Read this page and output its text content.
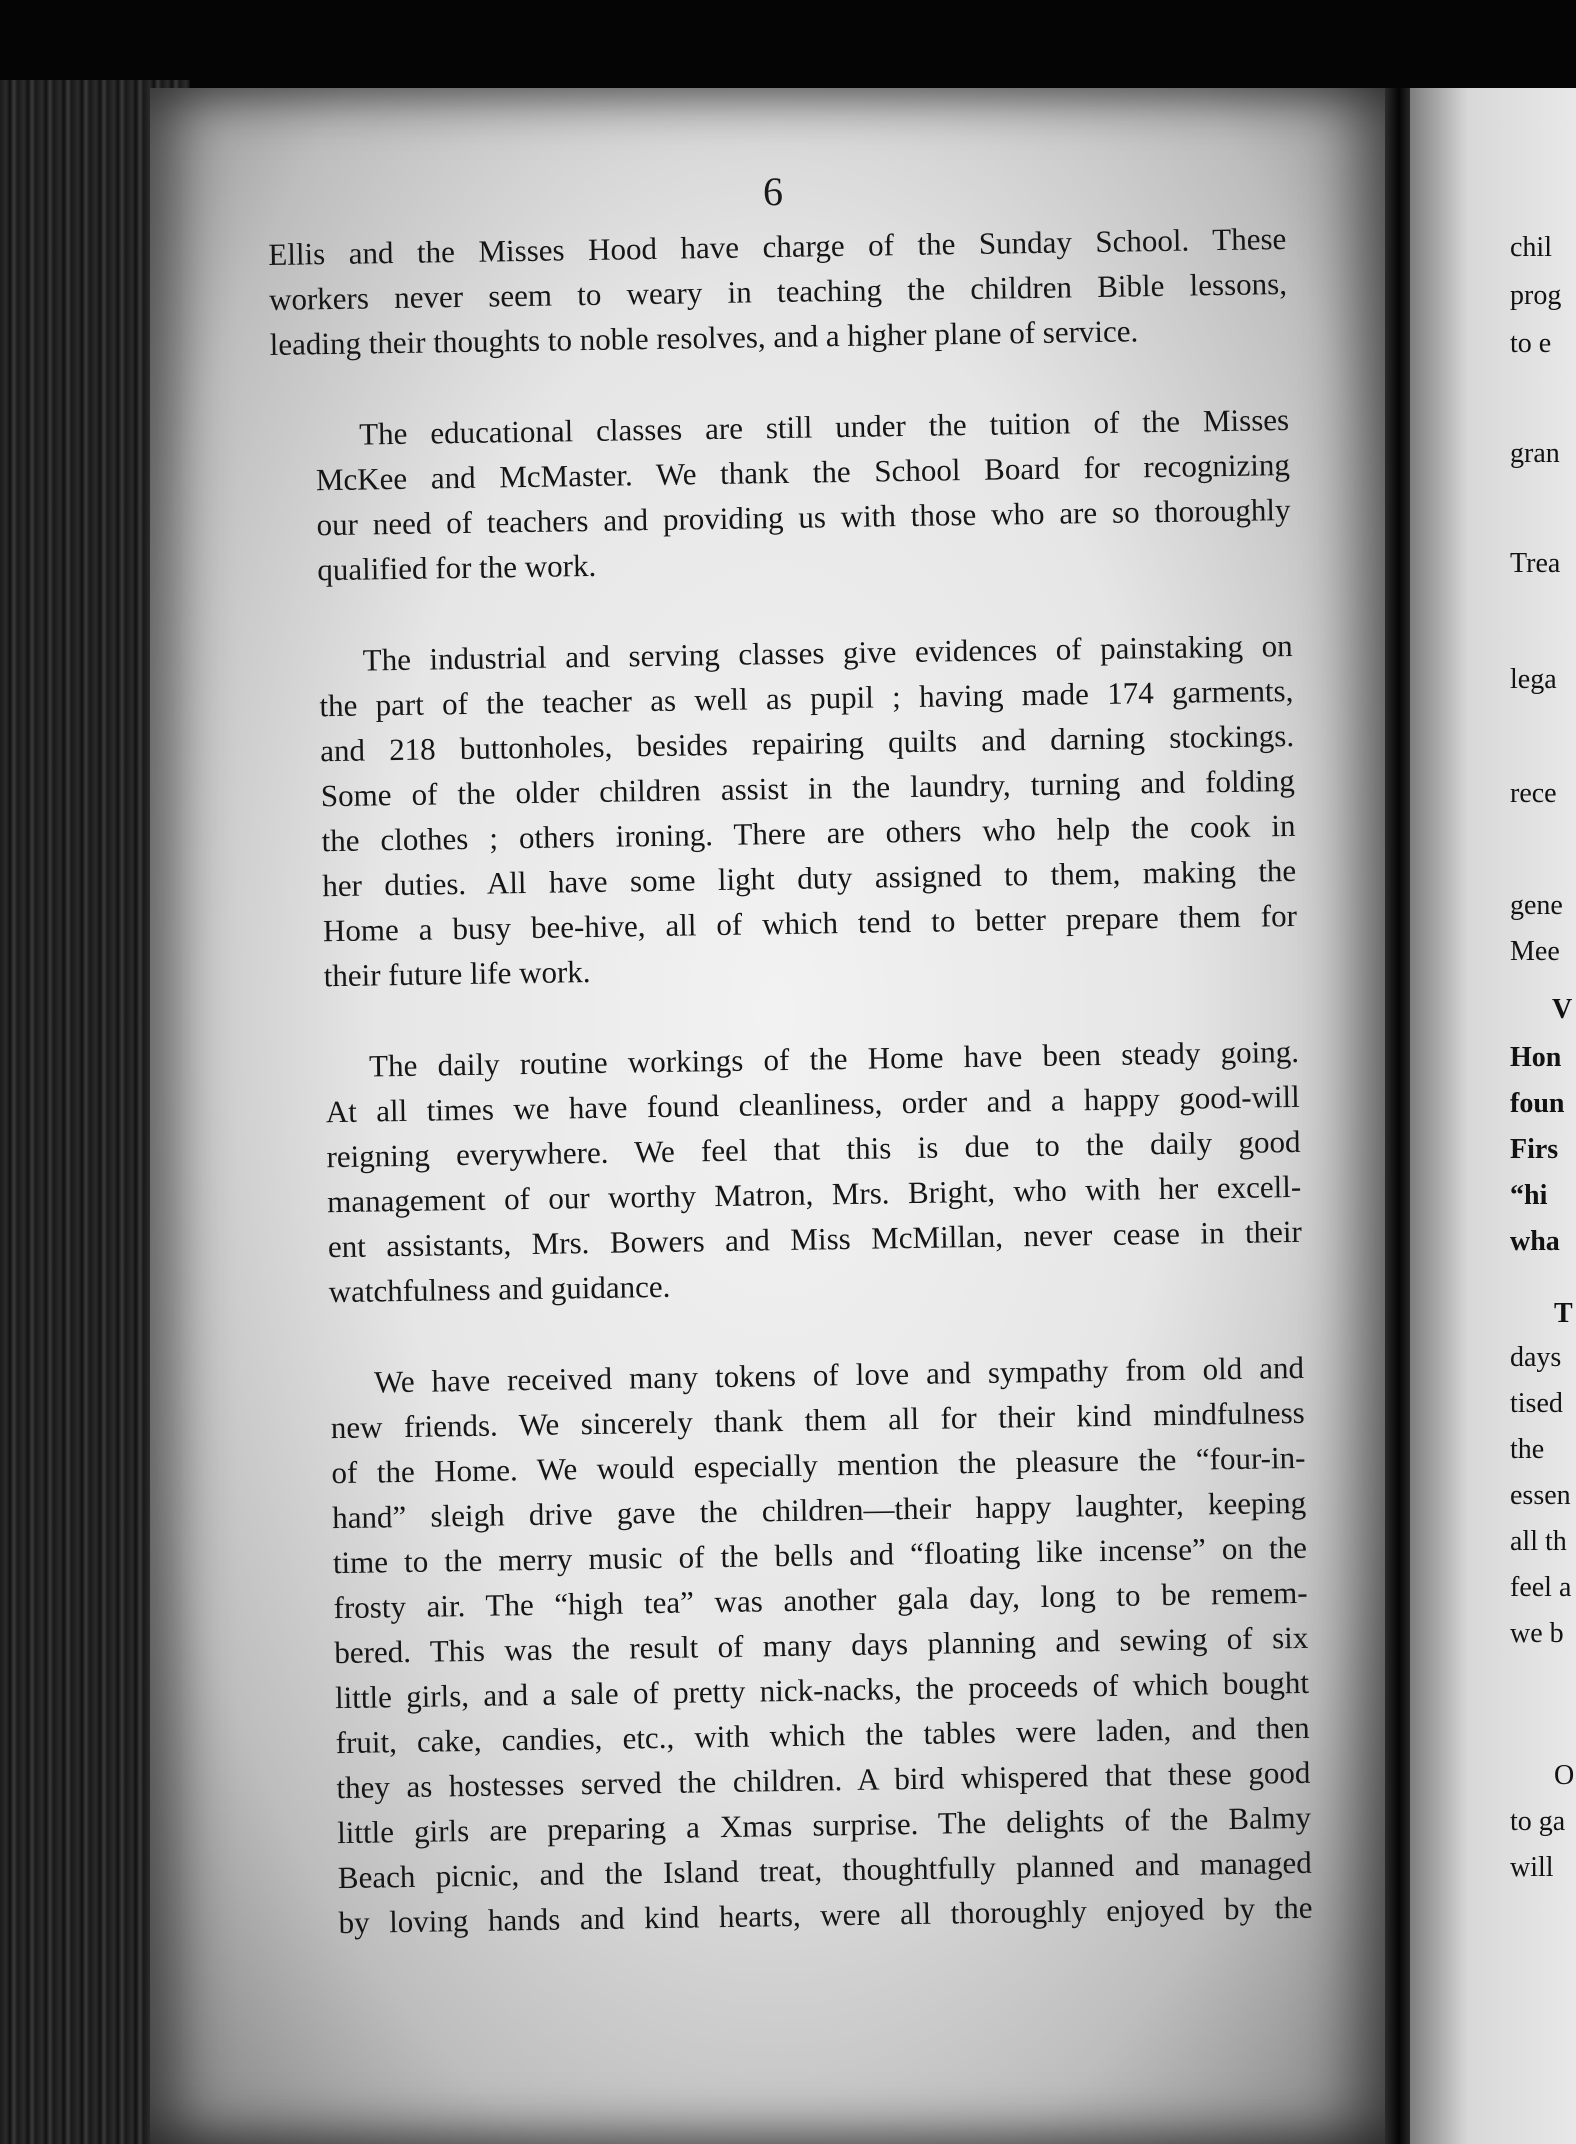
6

Ellis and the Misses Hood have charge of the Sunday School. These
workers never seem to weary in teaching the children Bible lessons,
leading their thoughts to noble resolves, and a higher plane of service.

The educational classes are still under the tuition of the Misses
McKee and McMaster. We thank the School Board for recognizing
our need of teachers and providing us with those who are so thoroughly
qualified for the work.

The industrial and serving classes give evidences of painstaking on
the part of the teacher as well as pupil ; having made 174 garments,
and 218 buttonholes, besides repairing quilts and darning stockings.
Some of the older children assist in the laundry, turning and folding
the clothes ; others ironing. There are others who help the cook in
her duties. All have some light duty assigned to them, making the
Home a busy bee-hive, all of which tend to better prepare them for
their future life work.

The daily routine workings of the Home have been steady going.
At all times we have found cleanliness, order and a happy good-will
reigning everywhere. We feel that this is due to the daily good
management of our worthy Matron, Mrs. Bright, who with her excell-
ent assistants, Mrs. Bowers and Miss McMillan, never cease in their
watchfulness and guidance.

We have received many tokens of love and sympathy from old and
new friends. We sincerely thank them all for their kind mindfulness
of the Home. We would especially mention the pleasure the “four-in-
hand” sleigh drive gave the children—their happy laughter, keeping
time to the merry music of the bells and “floating like incense” on the
frosty air. The “high tea” was another gala day, long to be remem-
bered. This was the result of many days planning and sewing of six
little girls, and a sale of pretty nick-nacks, the proceeds of which bought
fruit, cake, candies, etc., with which the tables were laden, and then
they as hostesses served the children. A bird whispered that these good
little girls are preparing a Xmas surprise. The delights of the Balmy
Beach picnic, and the Island treat, thoughtfully planned and managed
by loving hands and kind hearts, were all thoroughly enjoyed by the

chil
prog
to e
gran
Trea
lega
rece
gene
Mee
V
Hon
foun
Firs
“hi
wha
T
days
tised
the
essen
all th
feel a
we b
O
to ga
will
